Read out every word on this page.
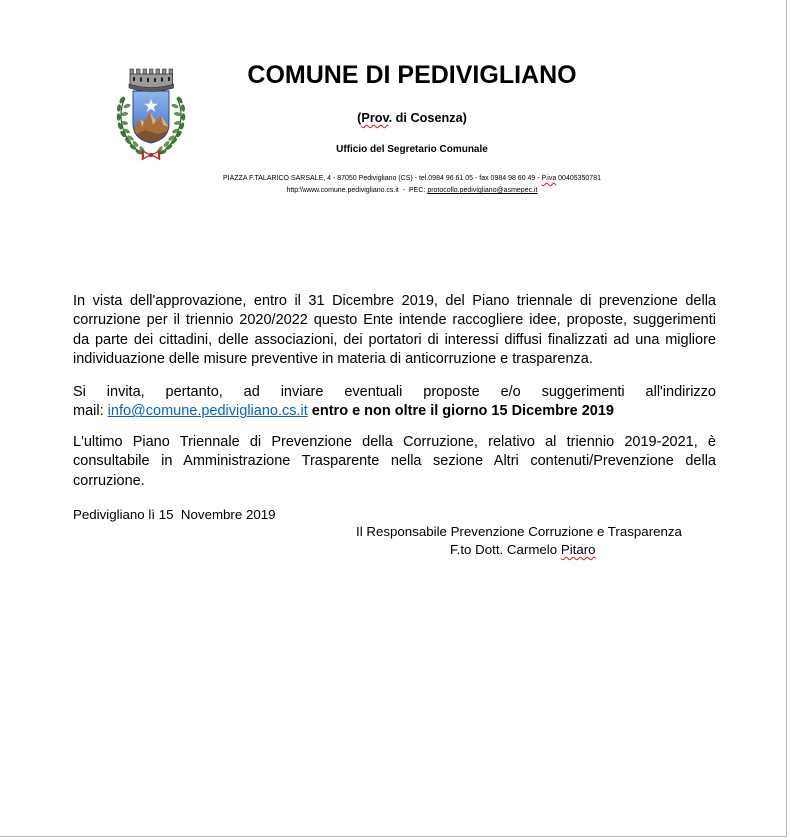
COMUNE DI PEDIVIGLIANO
(Prov. di Cosenza)
Ufficio del Segretario Comunale
PIAZZA F.TALARICO SARSALE, 4 - 87050 Pedivigliano (CS) - tel.0984 96 61 05 - fax 0984 98 60 49 - P.iva 00405350781
http:\\www.comune.pedivigliano.cs.it  -  PEC: protocollo.pedivigliano@asmepec.it
In vista dell'approvazione, entro il 31 Dicembre 2019, del Piano triennale di prevenzione della
corruzione per il triennio 2020/2022 questo Ente intende raccogliere idee, proposte, suggerimenti
da parte dei cittadini, delle associazioni, dei portatori di interessi diffusi finalizzati ad una migliore
individuazione delle misure preventive in materia di anticorruzione e trasparenza.
Si invita, pertanto, ad inviare eventuali proposte e/o suggerimenti all'indirizzo
mail: info@comune.pedivigliano.cs.it entro e non oltre il giorno 15 Dicembre 2019
L'ultimo Piano Triennale di Prevenzione della Corruzione, relativo al triennio 2019-2021, è
consultabile in Amministrazione Trasparente nella sezione Altri contenuti/Prevenzione della
corruzione.
Pedivigliano lì 15  Novembre 2019
Il Responsabile Prevenzione Corruzione e Trasparenza
F.to Dott. Carmelo Pitaro
